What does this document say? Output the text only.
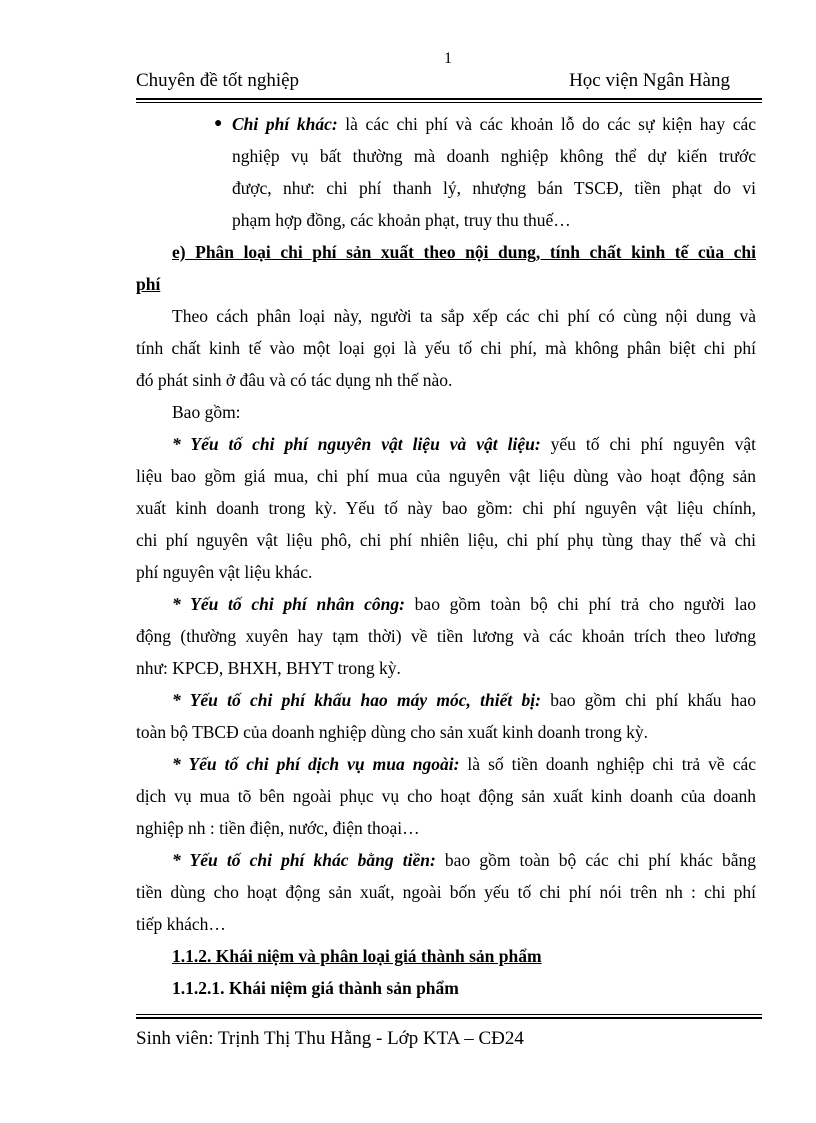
1
Chuyên đề tốt nghiệp	Học viện Ngân Hàng
● Chi phí khác: là các chi phí và các khoản lỗ do các sự kiện hay các
nghiệp vụ bất thường mà doanh nghiệp không thể dự kiến trước
được, như: chi phí thanh lý, nhượng bán TSCĐ, tiền phạt do vi
phạm hợp đồng, các khoản phạt, truy thu thuế…
e) Phân loại chi phí sản xuất theo nội dung, tính chất kinh tế của chi
phí
Theo cách phân loại này, người ta sắp xếp các chi phí có cùng nội dung và
tính chất kinh tế vào một loại gọi là yếu tố chi phí, mà không phân biệt chi phí
đó phát sinh ở đâu và có tác dụng nh thế nào.
Bao gồm:
* Yếu tố chi phí nguyên vật liệu và vật liệu: yếu tố chi phí nguyên vật
liệu bao gồm giá mua, chi phí mua của nguyên vật liệu dùng vào hoạt động sản
xuất kinh doanh trong kỳ. Yếu tố này bao gồm: chi phí nguyên vật liệu chính,
chi phí nguyên vật liệu phô, chi phí nhiên liệu, chi phí phụ tùng thay thế và chi
phí nguyên vật liệu khác.
* Yếu tố chi phí nhân công: bao gồm toàn bộ chi phí trả cho người lao
động (thường xuyên hay tạm thời) về tiền lương và các khoản trích theo lương
như: KPCĐ, BHXH, BHYT trong kỳ.
* Yếu tố chi phí khấu hao máy móc, thiết bị: bao gồm chi phí khấu hao
toàn bộ TBCĐ của doanh nghiệp dùng cho sản xuất kinh doanh trong kỳ.
* Yếu tố chi phí dịch vụ mua ngoài: là số tiền doanh nghiệp chi trả về các
dịch vụ mua tõ bên ngoài phục vụ cho hoạt động sản xuất kinh doanh của doanh
nghiệp nh : tiền điện, nước, điện thoại…
* Yếu tố chi phí khác bằng tiền: bao gồm toàn bộ các chi phí khác bằng
tiền dùng cho hoạt động sản xuất, ngoài bốn yếu tố chi phí nói trên nh : chi phí
tiếp khách…
1.1.2. Khái niệm và phân loại giá thành sản phẩm
1.1.2.1. Khái niệm giá thành sản phẩm
Sinh viên: Trịnh Thị Thu Hằng - Lớp KTA – CĐ24
